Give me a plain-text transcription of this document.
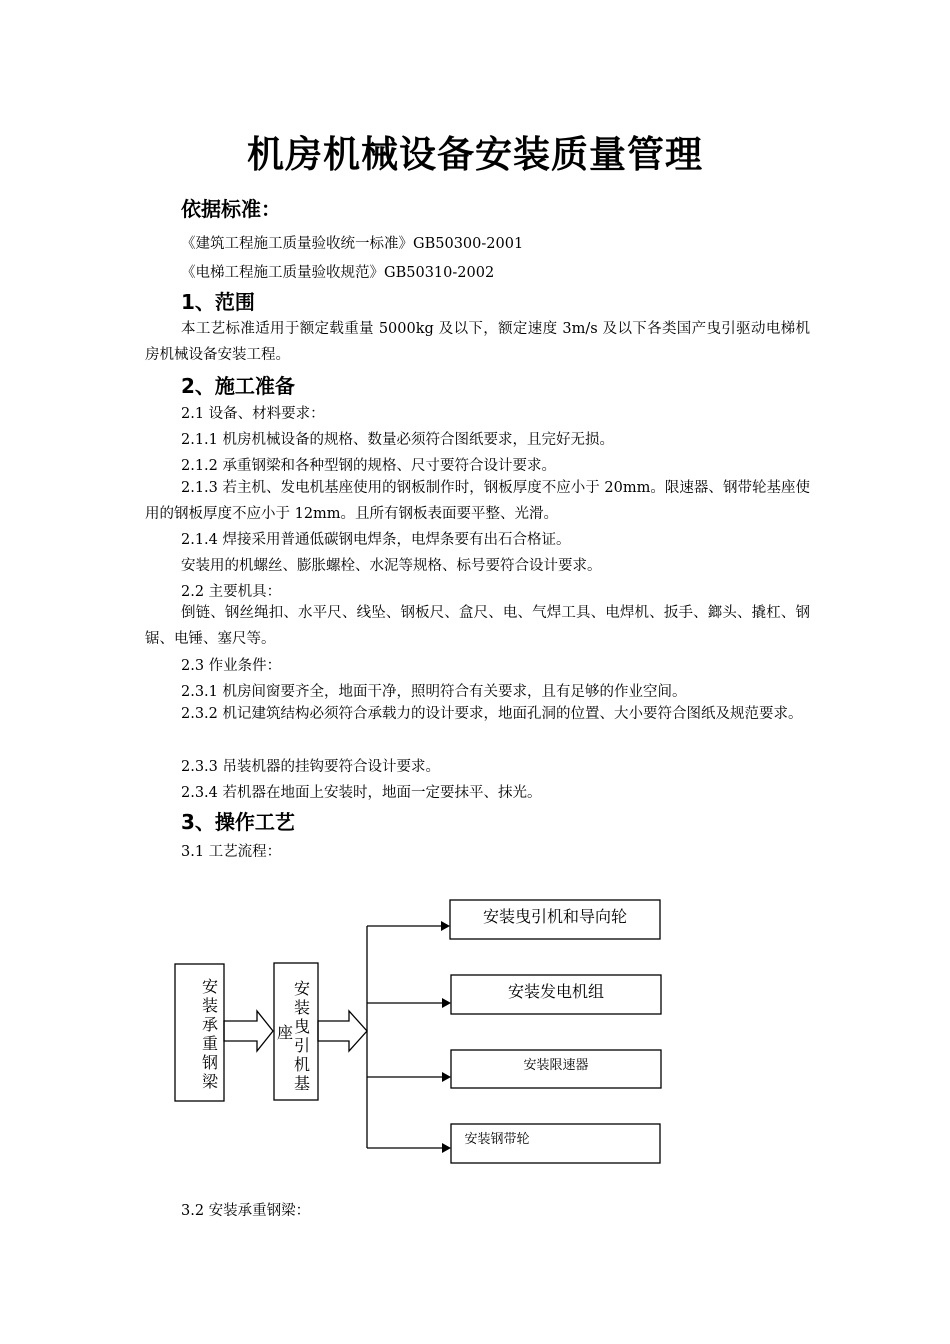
机房机械设备安装质量管理
依据标准：
《建筑工程施工质量验收统一标准》GB50300-2001
《电梯工程施工质量验收规范》GB50310-2002
1、范围
本工艺标准适用于额定载重量 5000kg 及以下，额定速度 3m/s 及以下各类国产曳引驱动电梯机房机械设备安装工程。
2、施工准备
2.1 设备、材料要求：
2.1.1 机房机械设备的规格、数量必须符合图纸要求，且完好无损。
2.1.2 承重钢梁和各种型钢的规格、尺寸要符合设计要求。
2.1.3 若主机、发电机基座使用的钢板制作时，钢板厚度不应小于 20mm。限速器、钢带轮基座使用的钢板厚度不应小于 12mm。且所有钢板表面要平整、光滑。
2.1.4 焊接采用普通低碳钢电焊条，电焊条要有出石合格证。
安装用的机螺丝、膨胀螺栓、水泥等规格、标号要符合设计要求。
2.2 主要机具：
倒链、钢丝绳扣、水平尺、线坠、钢板尺、盒尺、电、气焊工具、电焊机、扳手、鎯头、撬杠、钢锯、电锤、塞尺等。
2.3 作业条件：
2.3.1 机房间窗要齐全，地面干净，照明符合有关要求，且有足够的作业空间。
2.3.2 机记建筑结构必须符合承载力的设计要求，地面孔洞的位置、大小要符合图纸及规范要求。
2.3.3 吊装机器的挂钩要符合设计要求。
2.3.4 若机器在地面上安装时，地面一定要抹平、抹光。
3、操作工艺
3.1 工艺流程：
安
装
承
重
钢
梁
安
装
曳
引
机
基
座
安装曳引机和导向轮
安装发电机组
安装限速器
安装钢带轮
3.2 安装承重钢梁：
